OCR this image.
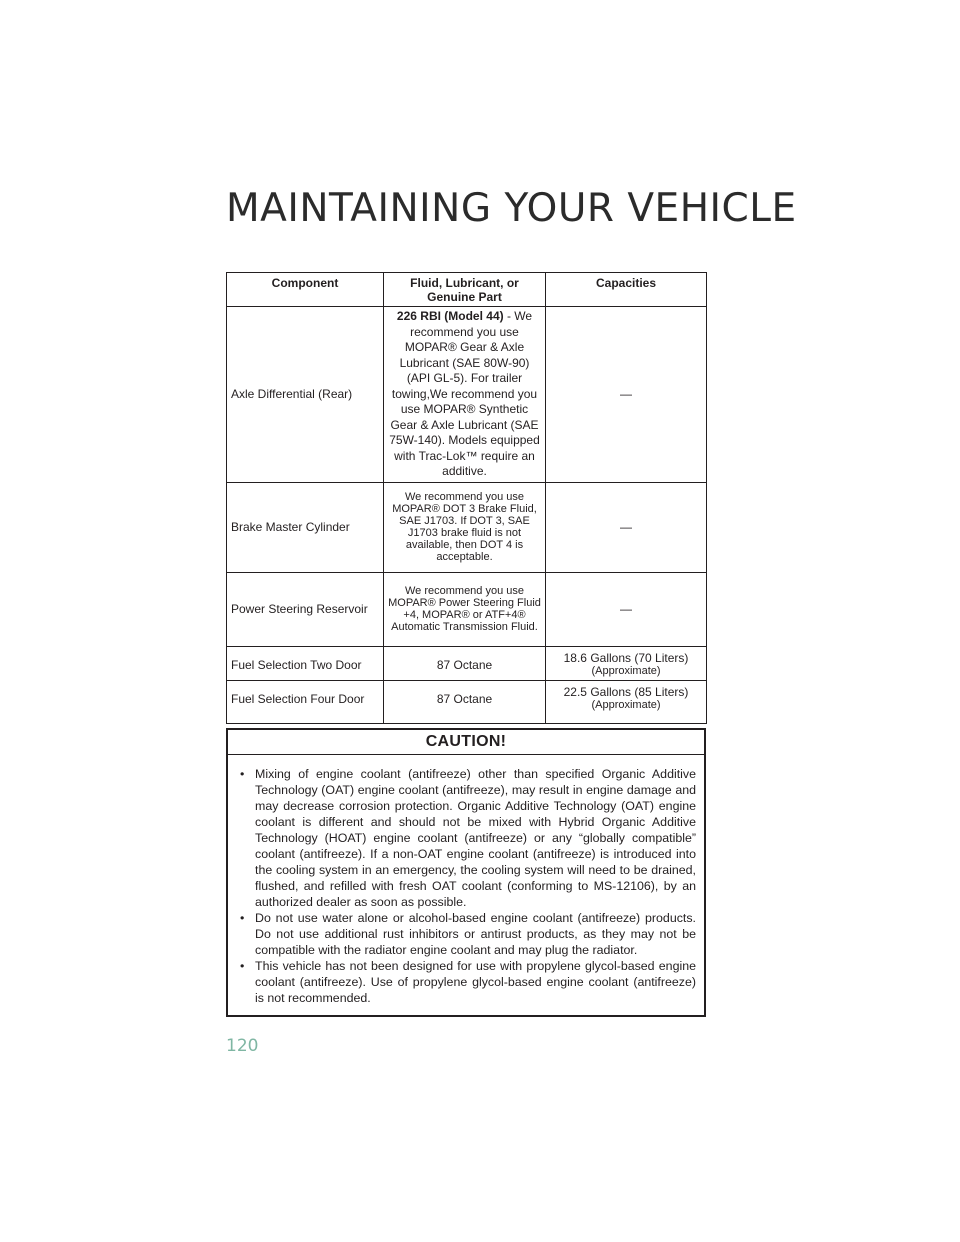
MAINTAINING YOUR VEHICLE
Component	Fluid, Lubricant, or Genuine Part	Capacities
Axle Differential (Rear)	226 RBI (Model 44) - We recommend you use MOPAR® Gear & Axle Lubricant (SAE 80W-90) (API GL-5). For trailer towing,We recommend you use MOPAR® Synthetic Gear & Axle Lubricant (SAE 75W-140). Models equipped with Trac-Lok™ require an additive.	—
Brake Master Cylinder	We recommend you use MOPAR® DOT 3 Brake Fluid, SAE J1703. If DOT 3, SAE J1703 brake fluid is not available, then DOT 4 is acceptable.	—
Power Steering Reservoir	We recommend you use MOPAR® Power Steering Fluid +4, MOPAR® or ATF+4® Automatic Transmission Fluid.	—
Fuel Selection Two Door	87 Octane	18.6 Gallons (70 Liters)
(Approximate)

Fuel Selection Four Door	87 Octane	22.5 Gallons (85 Liters)
(Approximate)
CAUTION!
• Mixing of engine coolant (antifreeze) other than specified Organic Additive Technology (OAT) engine coolant (antifreeze), may result in engine damage and may decrease corrosion protection. Organic Additive Technology (OAT) engine coolant is different and should not be mixed with Hybrid Organic Additive Technology (HOAT) engine coolant (antifreeze) or any “globally compatible” coolant (antifreeze). If a non-OAT engine coolant (antifreeze) is introduced into the cooling system in an emergency, the cooling system will need to be drained, flushed, and refilled with fresh OAT coolant (conforming to MS-12106), by an authorized dealer as soon as possible.
• Do not use water alone or alcohol-based engine coolant (antifreeze) products. Do not use additional rust inhibitors or antirust products, as they may not be compatible with the radiator engine coolant and may plug the radiator.
• This vehicle has not been designed for use with propylene glycol-based engine coolant (antifreeze). Use of propylene glycol-based engine coolant (antifreeze) is not recommended.
120
